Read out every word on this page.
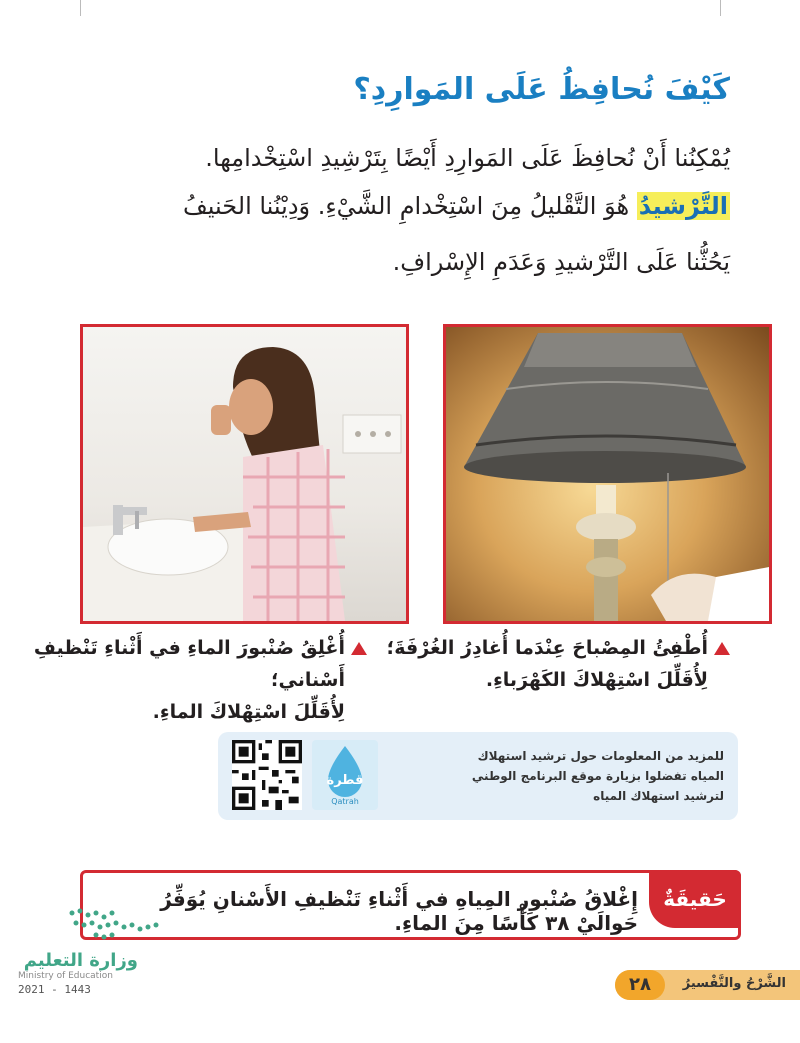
كَيْفَ نُحافِظُ عَلَى المَوارِدِ؟
يُمْكِنُنا أَنْ نُحافِظَ عَلَى المَوارِدِ أَيْضًا بِتَرْشِيدِ اسْتِخْدامِها.
التَّرْشيدُ هُوَ التَّقْليلُ مِنَ اسْتِخْدامِ الشَّيْءِ. وَدِيْنُنا الحَنيفُ
يَحُثُّنا عَلَى التَّرْشيدِ وَعَدَمِ الإِسْرافِ.
أُطْفِئُ المِصْباحَ عِنْدَما أُغادِرُ الغُرْفَةَ؛
لِأُقَلِّلَ اسْتِهْلاكَ الكَهْرَباءِ.
أُغْلِقُ صُنْبورَ الماءِ في أَثْناءِ تَنْظيفِ أَسْناني؛
لِأُقَلِّلَ اسْتِهْلاكَ الماءِ.
قطرة
Qatrah
للمزيد من المعلومات حول ترشيد استهلاك
المياه تفضلوا بزيارة موقع البرنامج الوطني
لترشيد استهلاك المياه
حَقيقَةٌ
إِغْلاقُ صُنْبورِ المِياهِ في أَثْناءِ تَنْظيفِ الأَسْنانِ يُوَفِّرُ حَوالَيْ ٣٨ كَأْسًا مِنَ الماءِ.
وزارة التعليم
Ministry of Education
2021 - 1443	٢٨	الشَّرْحُ والتَّفْسيرُ
